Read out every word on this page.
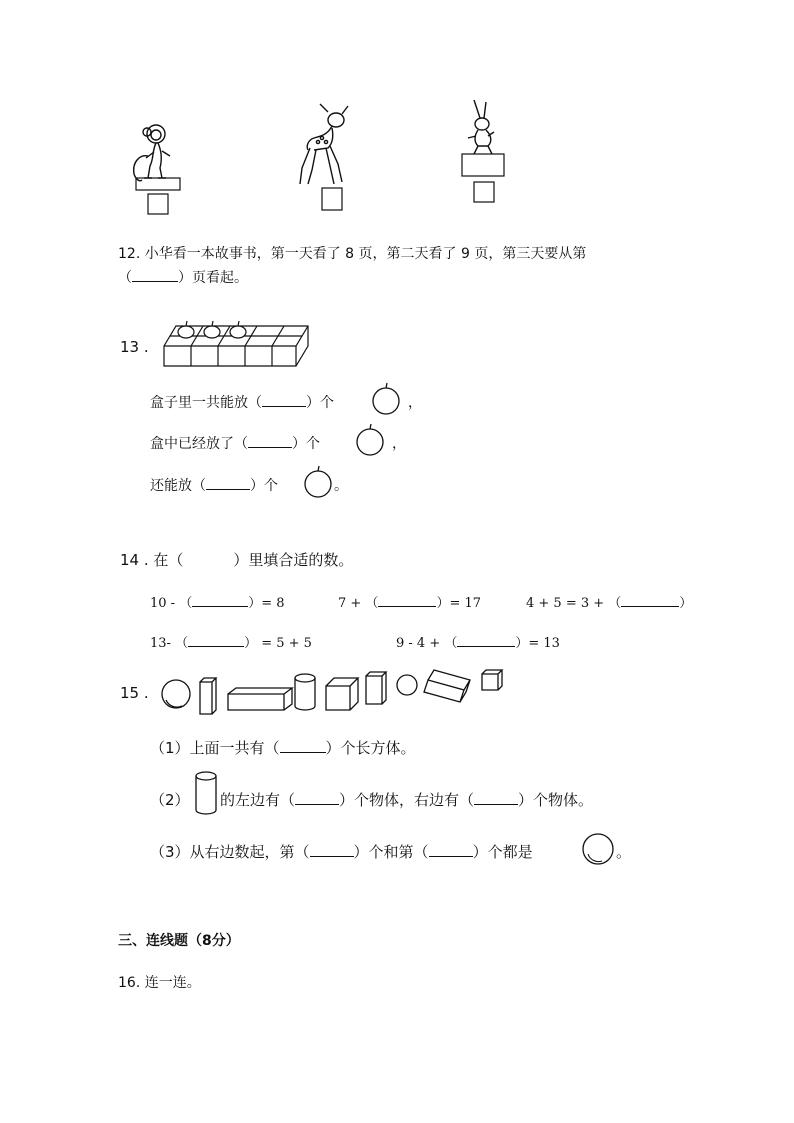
12. 小华看一本故事书，第一天看了 8 页，第二天看了 9 页，第三天要从第
（	）页看起。
13 .
盒子里一共能放（	）个	，
盒中已经放了（	）个	，
还能放（	）个	。
14 . 在（	）里填合适的数。
10 - （	）= 8	7 + （	）= 17	4 + 5 = 3 + （	）
13- （	） = 5 + 5	9 - 4 + （	）= 13
15 .
（1）上面一共有（	）个长方体。
（2） 的左边有（	）个物体，右边有（	）个物体。
（3）从右边数起，第（	）个和第（	）个都是	。
三、连线题（8分）
16. 连一连。
